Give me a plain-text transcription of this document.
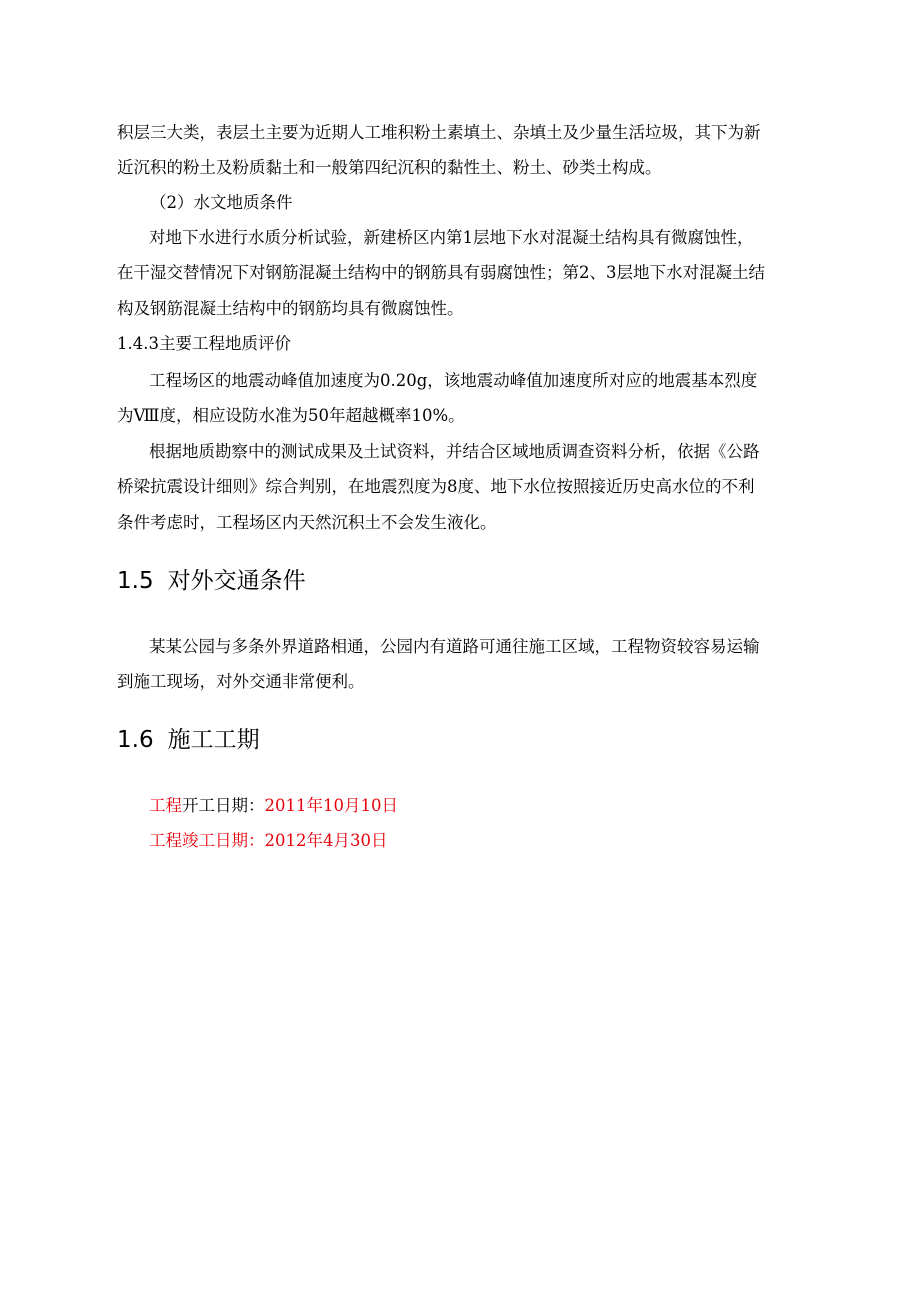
积层三大类，表层土主要为近期人工堆积粉土素填土、杂填土及少量生活垃圾，其下为新
近沉积的粉土及粉质黏土和一般第四纪沉积的黏性土、粉土、砂类土构成。
（2）水文地质条件
对地下水进行水质分析试验，新建桥区内第1层地下水对混凝土结构具有微腐蚀性，
在干湿交替情况下对钢筋混凝土结构中的钢筋具有弱腐蚀性；第2、3层地下水对混凝土结
构及钢筋混凝土结构中的钢筋均具有微腐蚀性。
1.4.3主要工程地质评价
工程场区的地震动峰值加速度为0.20g，该地震动峰值加速度所对应的地震基本烈度
为Ⅷ度，相应设防水准为50年超越概率10%。
根据地质勘察中的测试成果及土试资料，并结合区域地质调查资料分析，依据《公路
桥梁抗震设计细则》综合判别，在地震烈度为8度、地下水位按照接近历史高水位的不利
条件考虑时，工程场区内天然沉积土不会发生液化。
1.5 对外交通条件
某某公园与多条外界道路相通，公园内有道路可通往施工区域，工程物资较容易运输
到施工现场，对外交通非常便利。
1.6 施工工期
工程开工日期：2011年10月10日
工程竣工日期：2012年4月30日
